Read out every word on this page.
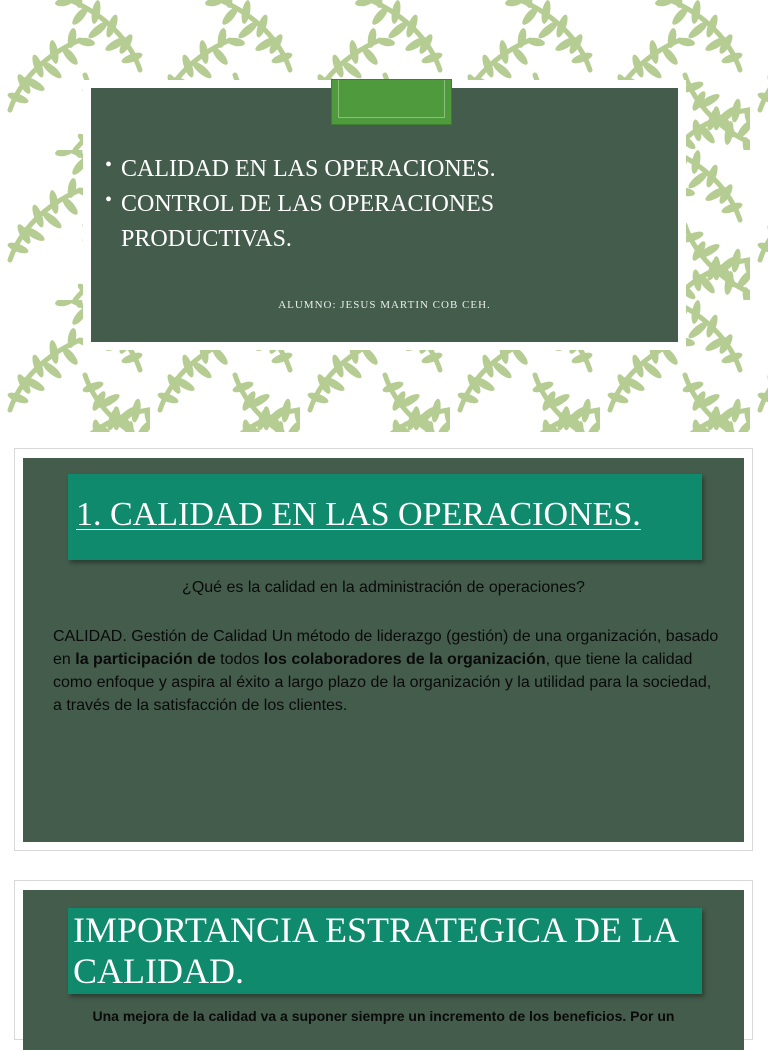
• CALIDAD EN LAS OPERACIONES.
• CONTROL DE LAS OPERACIONES PRODUCTIVAS.
ALUMNO: JESUS MARTIN COB CEH.
1. CALIDAD EN LAS OPERACIONES.
¿Qué es la calidad en la administración de operaciones?

CALIDAD. Gestión de Calidad Un método de liderazgo (gestión) de una organización, basado en la participación de todos los colaboradores de la organización, que tiene la calidad como enfoque y aspira al éxito a largo plazo de la organización y la utilidad para la sociedad, a través de la satisfacción de los clientes.

IMPORTANCIA ESTRATEGICA DE LA CALIDAD.
Una mejora de la calidad va a suponer siempre un incremento de los beneficios. Por un
